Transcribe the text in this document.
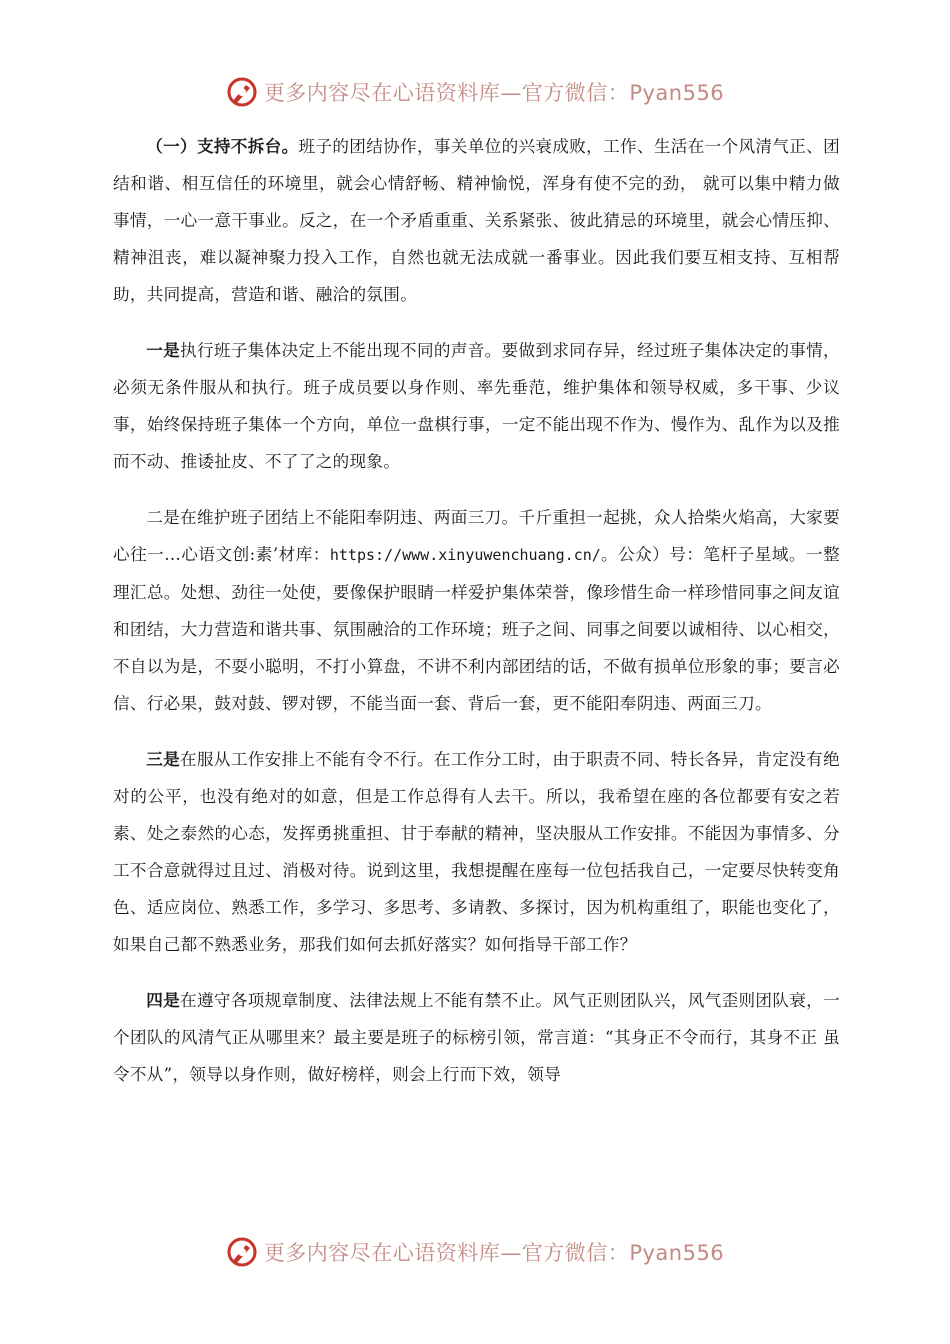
更多内容尽在心语资料库—官方微信：Pyan556

（一）支持不拆台。班子的团结协作，事关单位的兴衰成败，工作、生活在一个风清气正、团结和谐、相互信任的环境里，就会心情舒畅、精神愉悦，浑身有使不完的劲， 就可以集中精力做事情，一心一意干事业。反之，在一个矛盾重重、关系紧张、彼此猜忌的环境里，就会心情压抑、精神沮丧，难以凝神聚力投入工作，自然也就无法成就一番事业。因此我们要互相支持、互相帮助，共同提高，营造和谐、融洽的氛围。

一是执行班子集体决定上不能出现不同的声音。要做到求同存异，经过班子集体决定的事情，必须无条件服从和执行。班子成员要以身作则、率先垂范，维护集体和领导权威，多干事、少议事，始终保持班子集体一个方向，单位一盘棋行事，一定不能出现不作为、慢作为、乱作为以及推而不动、推诿扯皮、不了了之的现象。

二是在维护班子团结上不能阳奉阴违、两面三刀。千斤重担一起挑，众人拾柴火焰高，大家要心往一…心语文创:素’材库：https://www.xinyuwenchuang.cn/。公众）号：笔杆子星域。一整理汇总。处想、劲往一处使，要像保护眼睛一样爱护集体荣誉，像珍惜生命一样珍惜同事之间友谊和团结，大力营造和谐共事、氛围融洽的工作环境；班子之间、同事之间要以诚相待、以心相交，不自以为是，不耍小聪明，不打小算盘，不讲不利内部团结的话，不做有损单位形象的事；要言必信、行必果，鼓对鼓、锣对锣，不能当面一套、背后一套，更不能阳奉阴违、两面三刀。

三是在服从工作安排上不能有令不行。在工作分工时，由于职责不同、特长各异，肯定没有绝对的公平，也没有绝对的如意，但是工作总得有人去干。所以，我希望在座的各位都要有安之若素、处之泰然的心态，发挥勇挑重担、甘于奉献的精神，坚决服从工作安排。不能因为事情多、分工不合意就得过且过、消极对待。说到这里，我想提醒在座每一位包括我自己，一定要尽快转变角色、适应岗位、熟悉工作，多学习、多思考、多请教、多探讨，因为机构重组了，职能也变化了，如果自己都不熟悉业务，那我们如何去抓好落实？如何指导干部工作？

四是在遵守各项规章制度、法律法规上不能有禁不止。风气正则团队兴，风气歪则团队衰，一个团队的风清气正从哪里来？最主要是班子的标榜引领，常言道：“其身正不令而行，其身不正 虽令不从”，领导以身作则，做好榜样，则会上行而下效，领导

更多内容尽在心语资料库—官方微信：Pyan556
